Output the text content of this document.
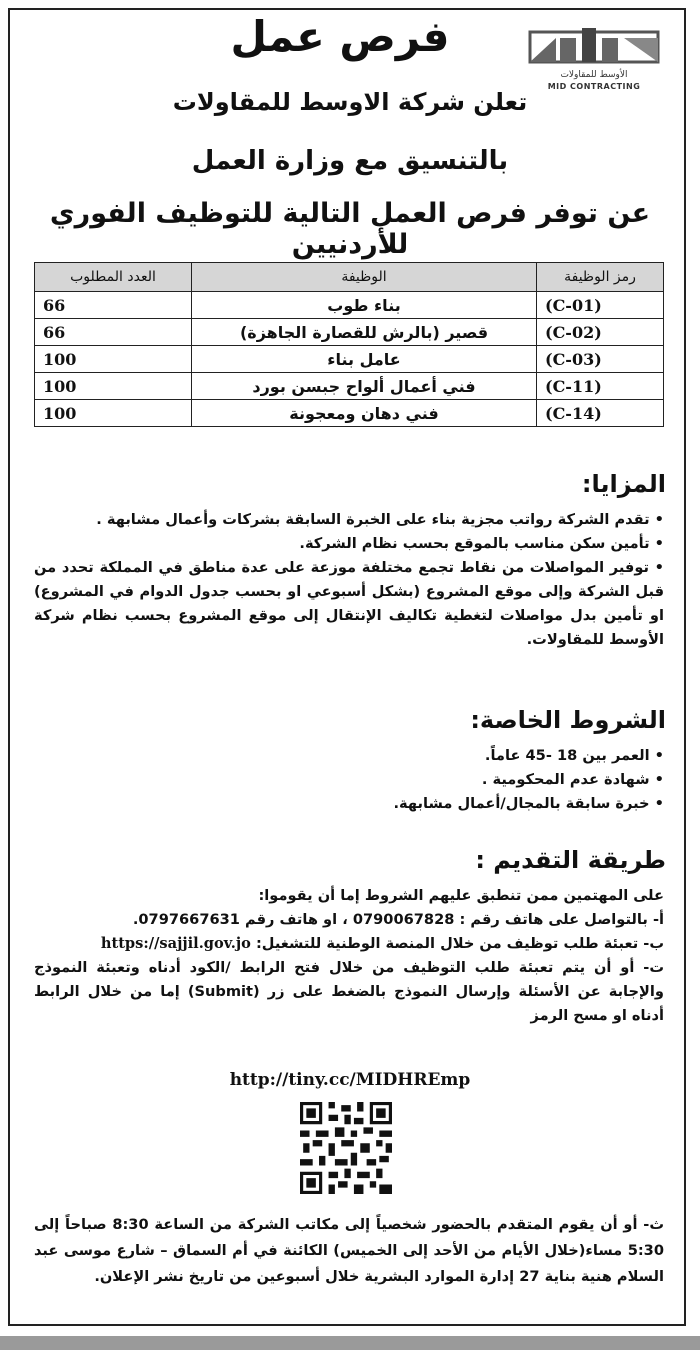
الأوسط للمقاولات
MID CONTRACTING
فرص عمل
تعلن شركة الاوسط للمقاولات
بالتنسيق مع وزارة العمل
عن توفر فرص العمل التالية للتوظيف الفوري للأردنيين
رمز الوظيفة	الوظيفة	العدد المطلوب
(C-01)	بناء طوب	66
(C-02)	قصير (بالرش للقصارة الجاهزة)	66
(C-03)	عامل بناء	100
(C-11)	فني أعمال ألواح جبسن بورد	100
(C-14)	فني دهان ومعجونة	100
المزايا:
• تقدم الشركة رواتب مجزية بناء على الخبرة السابقة بشركات وأعمال مشابهة .
• تأمين سكن مناسب بالموقع بحسب نظام الشركة.
• توفير المواصلات من نقاط تجمع مختلفة موزعة على عدة مناطق في المملكة تحدد من قبل الشركة وإلى موقع المشروع (بشكل أسبوعي او بحسب جدول الدوام في المشروع) او تأمين بدل مواصلات لتغطية تكاليف الإنتقال إلى موقع المشروع بحسب نظام شركة الأوسط للمقاولات.
الشروط الخاصة:
• العمر بين 18 -45 عاماً.
• شهادة عدم المحكومية .
• خبرة سابقة بالمجال/أعمال مشابهة.
طريقة التقديم :
على المهتمين ممن تنطبق عليهم الشروط إما أن يقوموا:
أ- بالتواصل على هاتف رقم : 0790067828 ، او هاتف رقم 0797667631.
ب- تعبئة طلب توظيف من خلال المنصة الوطنية للتشغيل: https://sajjil.gov.jo
ت- أو أن يتم تعبئة طلب التوظيف من خلال فتح الرابط /الكود أدناه وتعبئة النموذج والإجابة عن الأسئلة وإرسال النموذج بالضغط على زر (Submit) إما من خلال الرابط أدناه او مسح الرمز
http://tiny.cc/MIDHREmp
ث- أو أن يقوم المتقدم بالحضور شخصياً إلى مكاتب الشركة من الساعة 8:30 صباحاً إلى 5:30 مساء(خلال الأيام من الأحد إلى الخميس) الكائنة في أم السماق – شارع موسى عبد السلام هنية بناية 27 إدارة الموارد البشرية خلال أسبوعين من تاريخ نشر الإعلان.
